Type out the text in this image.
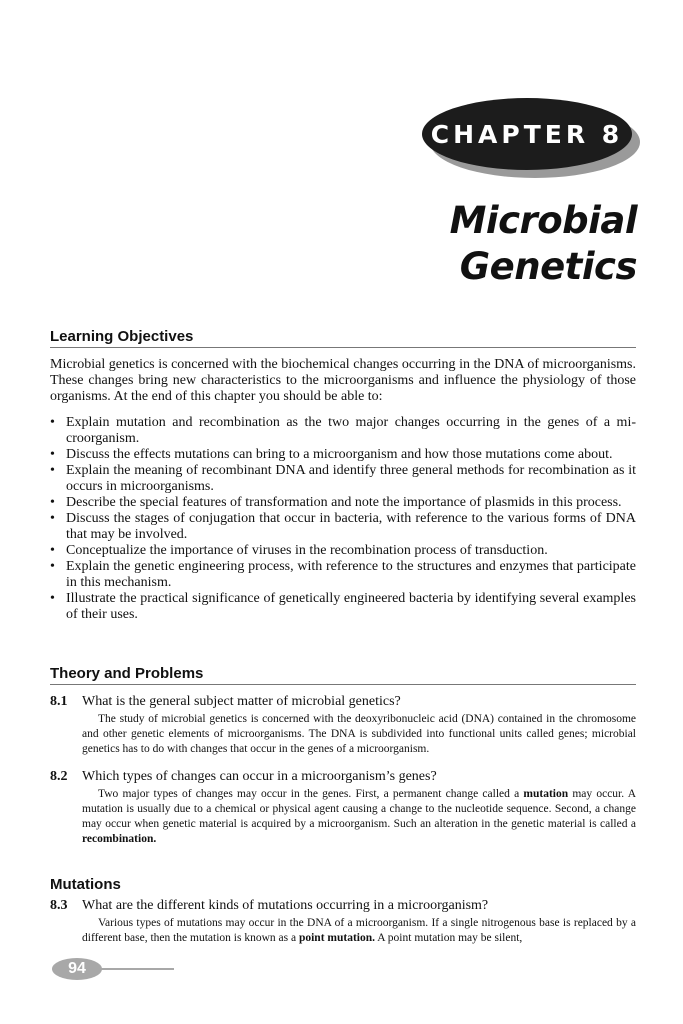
CHAPTER 8
Microbial
Genetics
Learning Objectives
Microbial genetics is concerned with the biochemical changes occurring in the DNA of microorganisms. These changes bring new characteristics to the microorganisms and influence the physiology of those organisms. At the end of this chapter you should be able to:
• Explain mutation and recombination as the two major changes occurring in the genes of a mi-croorganism.
• Discuss the effects mutations can bring to a microorganism and how those mutations come about.
• Explain the meaning of recombinant DNA and identify three general methods for recombination as it occurs in microorganisms.
• Describe the special features of transformation and note the importance of plasmids in this process.
• Discuss the stages of conjugation that occur in bacteria, with reference to the various forms of DNA that may be involved.
• Conceptualize the importance of viruses in the recombination process of transduction.
• Explain the genetic engineering process, with reference to the structures and enzymes that participate in this mechanism.
• Illustrate the practical significance of genetically engineered bacteria by identifying several examples of their uses.
Theory and Problems
8.1 What is the general subject matter of microbial genetics?

The study of microbial genetics is concerned with the deoxyribonucleic acid (DNA) contained in the chromosome and other genetic elements of microorganisms. The DNA is subdivided into functional units called genes; microbial genetics has to do with changes that occur in the genes of a microorganism.

8.2 Which types of changes can occur in a microorganism’s genes?

Two major types of changes may occur in the genes. First, a permanent change called a mutation may occur. A mutation is usually due to a chemical or physical agent causing a change to the nucleotide sequence. Second, a change may occur when genetic material is acquired by a microorganism. Such an alteration in the genetic material is called a recombination.

Mutations
8.3 What are the different kinds of mutations occurring in a microorganism?

Various types of mutations may occur in the DNA of a microorganism. If a single nitrogenous base is replaced by a different base, then the mutation is known as a point mutation. A point mutation may be silent,

94
